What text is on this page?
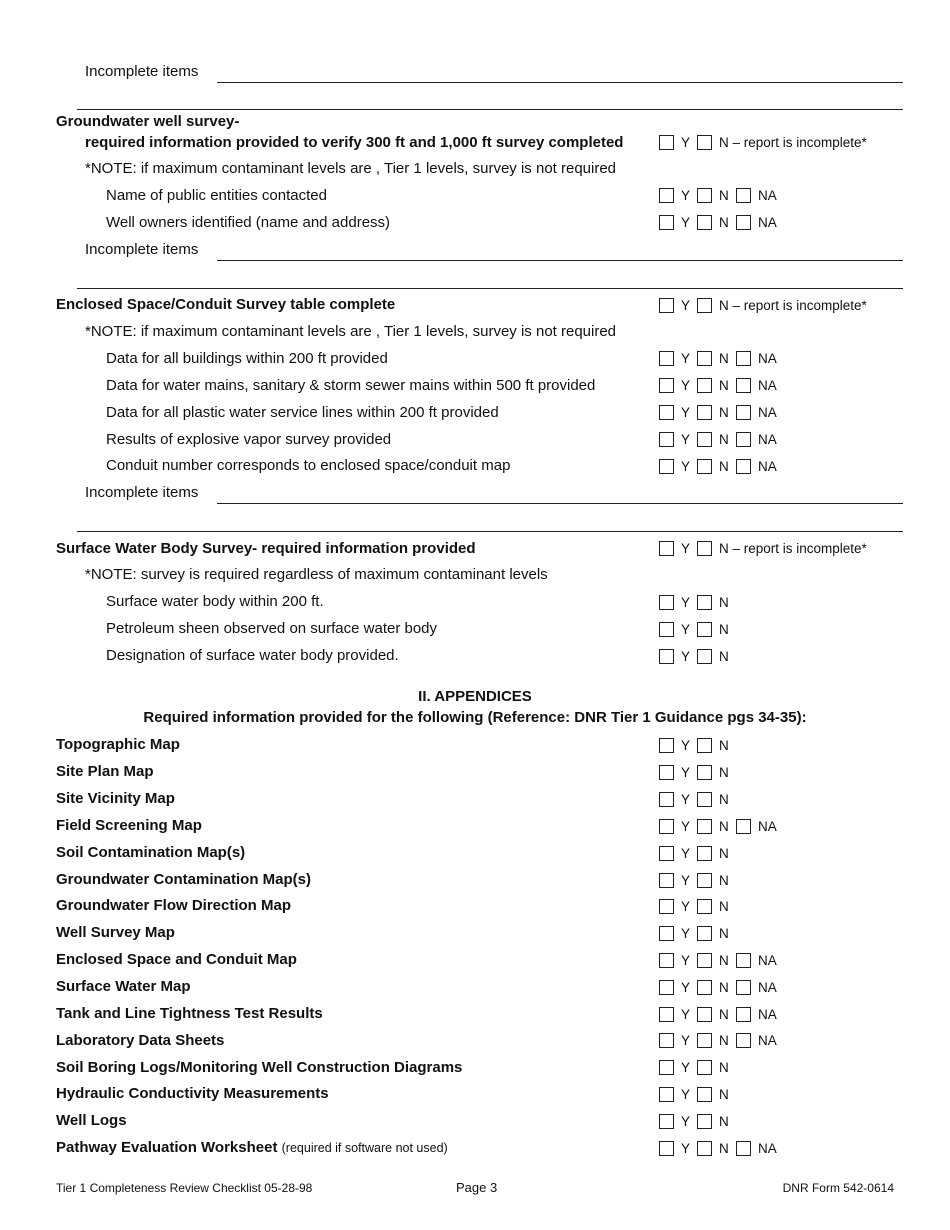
Incomplete items
Groundwater well survey-
required information provided to verify 300 ft and 1,000 ft survey completed	Y N – report is incomplete*
*NOTE: if maximum contaminant levels are , Tier 1 levels, survey is not required
Name of public entities contacted	Y N NA
Well owners identified (name and address)	Y N NA
Incomplete items
Enclosed Space/Conduit Survey table complete	Y N – report is incomplete*
*NOTE: if maximum contaminant levels are , Tier 1 levels, survey is not required
Data for all buildings within 200 ft provided	Y N NA
Data for water mains, sanitary & storm sewer mains within 500 ft provided	Y N NA
Data for all plastic water service lines within 200 ft provided	Y N NA
Results of explosive vapor survey provided	Y N NA
Conduit number corresponds to enclosed space/conduit map	Y N NA
Incomplete items
Surface Water Body Survey- required information provided	Y N – report is incomplete*
*NOTE: survey is required regardless of maximum contaminant levels
Surface water body within 200 ft.	Y N
Petroleum sheen observed on surface water body	Y N
Designation of surface water body provided.	Y N
II. APPENDICES
Required information provided for the following (Reference: DNR Tier 1 Guidance pgs 34-35):
Topographic Map	Y N
Site Plan Map	Y N
Site Vicinity Map	Y N
Field Screening Map	Y N NA
Soil Contamination Map(s)	Y N
Groundwater Contamination Map(s)	Y N
Groundwater Flow Direction Map	Y N
Well Survey Map	Y N
Enclosed Space and Conduit Map	Y N NA
Surface Water Map	Y N NA
Tank and Line Tightness Test Results	Y N NA
Laboratory Data Sheets	Y N NA
Soil Boring Logs/Monitoring Well Construction Diagrams	Y N
Hydraulic Conductivity Measurements	Y N
Well Logs	Y N
Pathway Evaluation Worksheet (required if software not used)	Y N NA
Tier 1 Completeness Review Checklist 05-28-98	Page 3	DNR Form 542-0614
